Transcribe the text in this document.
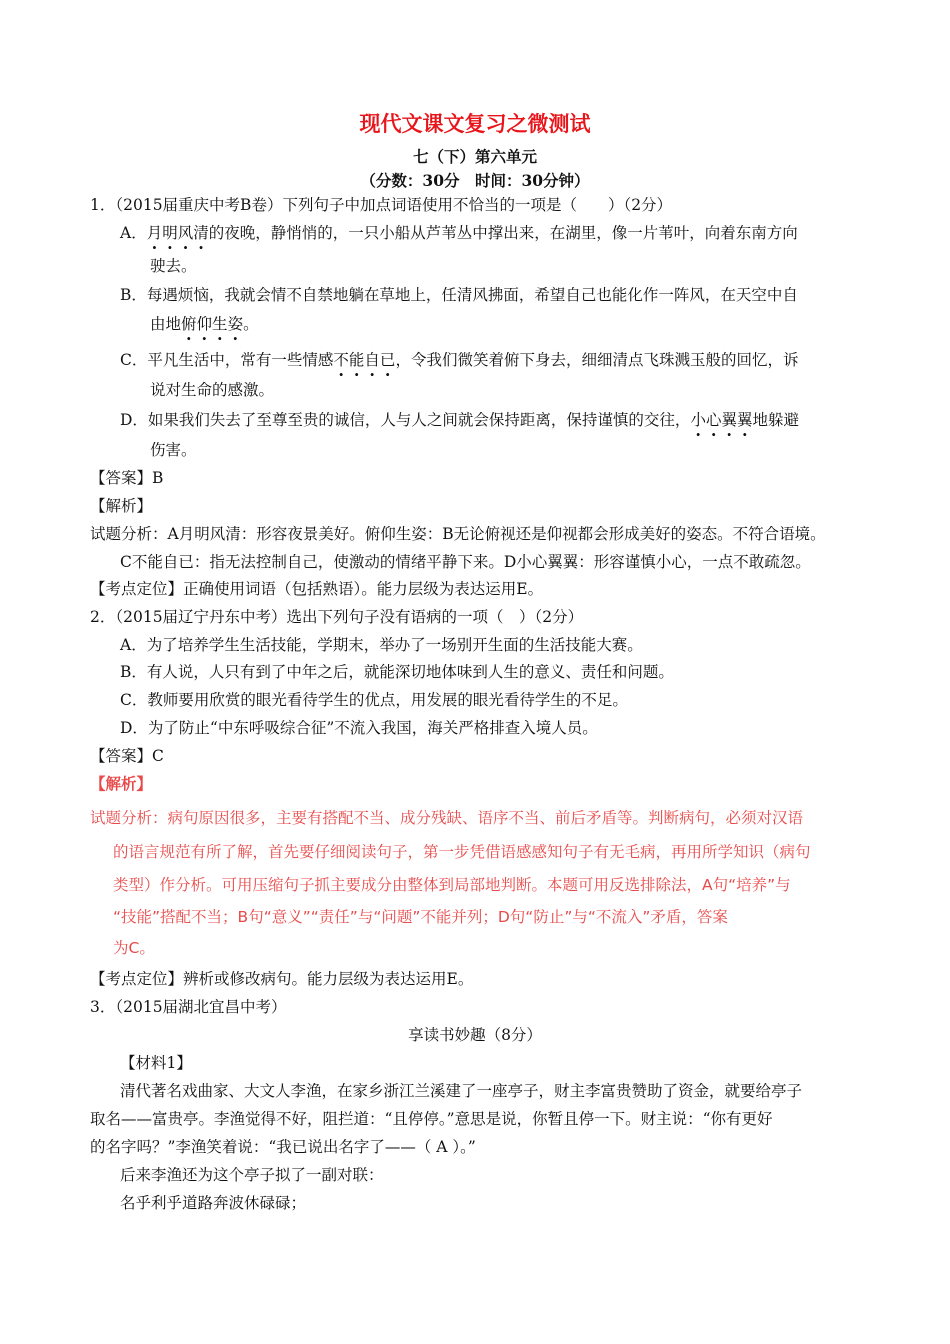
现代文课文复习之微测试
七（下）第六单元
（分数：30分　时间：30分钟）
1．（2015届重庆中考B卷）下列句子中加点词语使用不恰当的一项是（　　）（2分）
A．月明风清的夜晚，静悄悄的，一只小船从芦苇丛中撑出来，在湖里，像一片苇叶，向着东南方向
驶去。
B．每遇烦恼，我就会情不自禁地躺在草地上，任清风拂面，希望自己也能化作一阵风，在天空中自
由地俯仰生姿。
C．平凡生活中，常有一些情感不能自已，令我们微笑着俯下身去，细细清点飞珠溅玉般的回忆，诉
说对生命的感激。
D．如果我们失去了至尊至贵的诚信，人与人之间就会保持距离，保持谨慎的交往，小心翼翼地躲避
伤害。
【答案】B
【解析】
试题分析：A月明风清：形容夜景美好。俯仰生姿：B无论俯视还是仰视都会形成美好的姿态。不符合语境。
C不能自已：指无法控制自己，使激动的情绪平静下来。D小心翼翼：形容谨慎小心，一点不敢疏忽。
【考点定位】正确使用词语（包括熟语）。能力层级为表达运用E。
2．（2015届辽宁丹东中考）选出下列句子没有语病的一项（　）（2分）
A．为了培养学生生活技能，学期末，举办了一场别开生面的生活技能大赛。
B．有人说，人只有到了中年之后，就能深切地体味到人生的意义、责任和问题。
C．教师要用欣赏的眼光看待学生的优点，用发展的眼光看待学生的不足。
D．为了防止“中东呼吸综合征”不流入我国，海关严格排查入境人员。
【答案】C
【解析】
试题分析：病句原因很多，主要有搭配不当、成分残缺、语序不当、前后矛盾等。判断病句，必须对汉语
的语言规范有所了解，首先要仔细阅读句子，第一步凭借语感感知句子有无毛病，再用所学知识（病句
类型）作分析。可用压缩句子抓主要成分由整体到局部地判断。本题可用反选排除法，A句“培养”与
“技能”搭配不当；B句“意义”“责任”与“问题”不能并列；D句“防止”与“不流入”矛盾，答案
为C。
【考点定位】辨析或修改病句。能力层级为表达运用E。
3．（2015届湖北宜昌中考）
享读书妙趣（8分）
【材料1】
清代著名戏曲家、大文人李渔，在家乡浙江兰溪建了一座亭子，财主李富贵赞助了资金，就要给亭子
取名——富贵亭。李渔觉得不好，阻拦道：“且停停。”意思是说，你暂且停一下。财主说：“你有更好
的名字吗？”李渔笑着说：“我已说出名字了——（ A ）。”
后来李渔还为这个亭子拟了一副对联：
名乎利乎道路奔波休碌碌；
